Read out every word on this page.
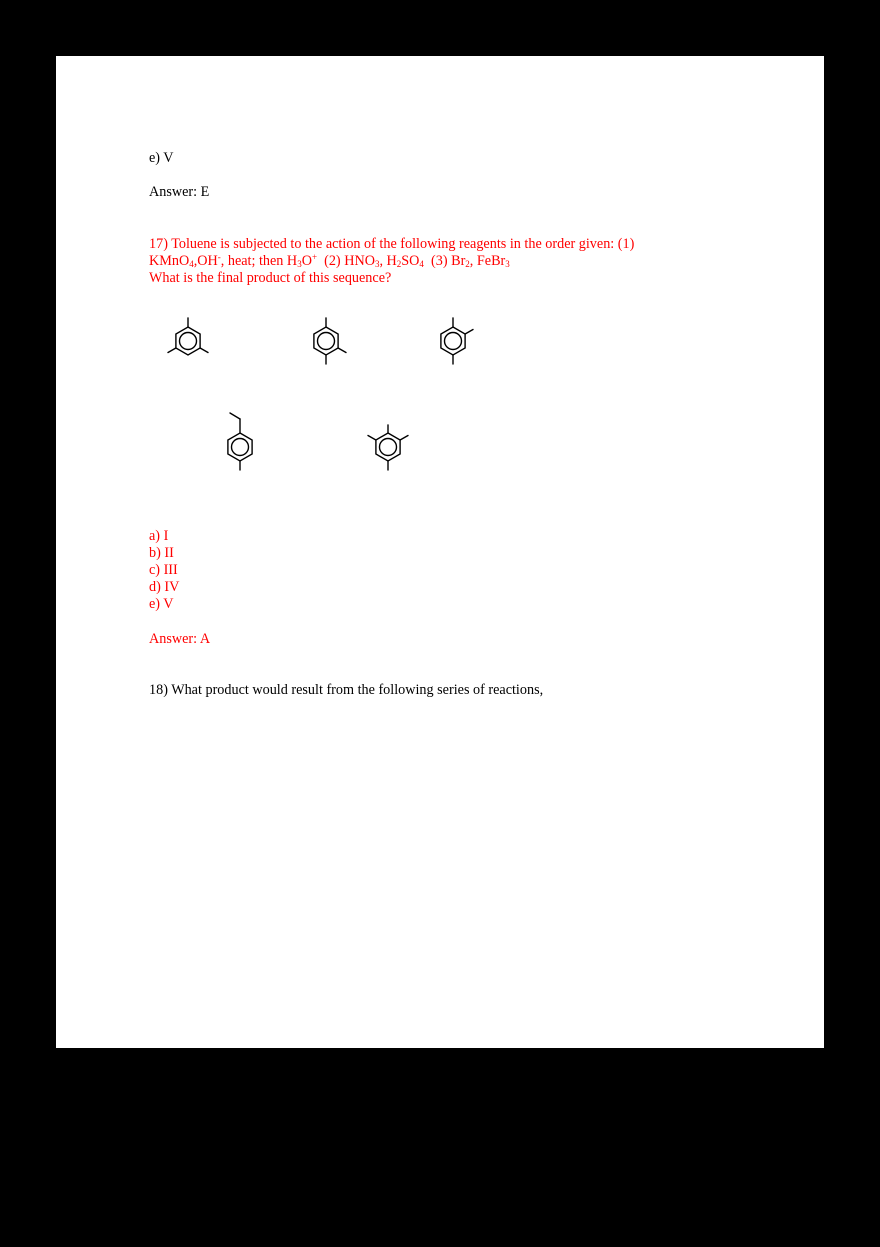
e) V
Answer: E
17) Toluene is subjected to the action of the following reagents in the order given: (1)
KMnO$_4$,OH-, heat; then $H_3O^+$  (2) $HNO_3$, $H_2SO_4$  (3) $Br_2$, FeBr$_3$
What is the final product of this sequence?
a) I
b) II
c) III
d) IV
e) V
Answer: A
18) What product would result from the following series of reactions,
